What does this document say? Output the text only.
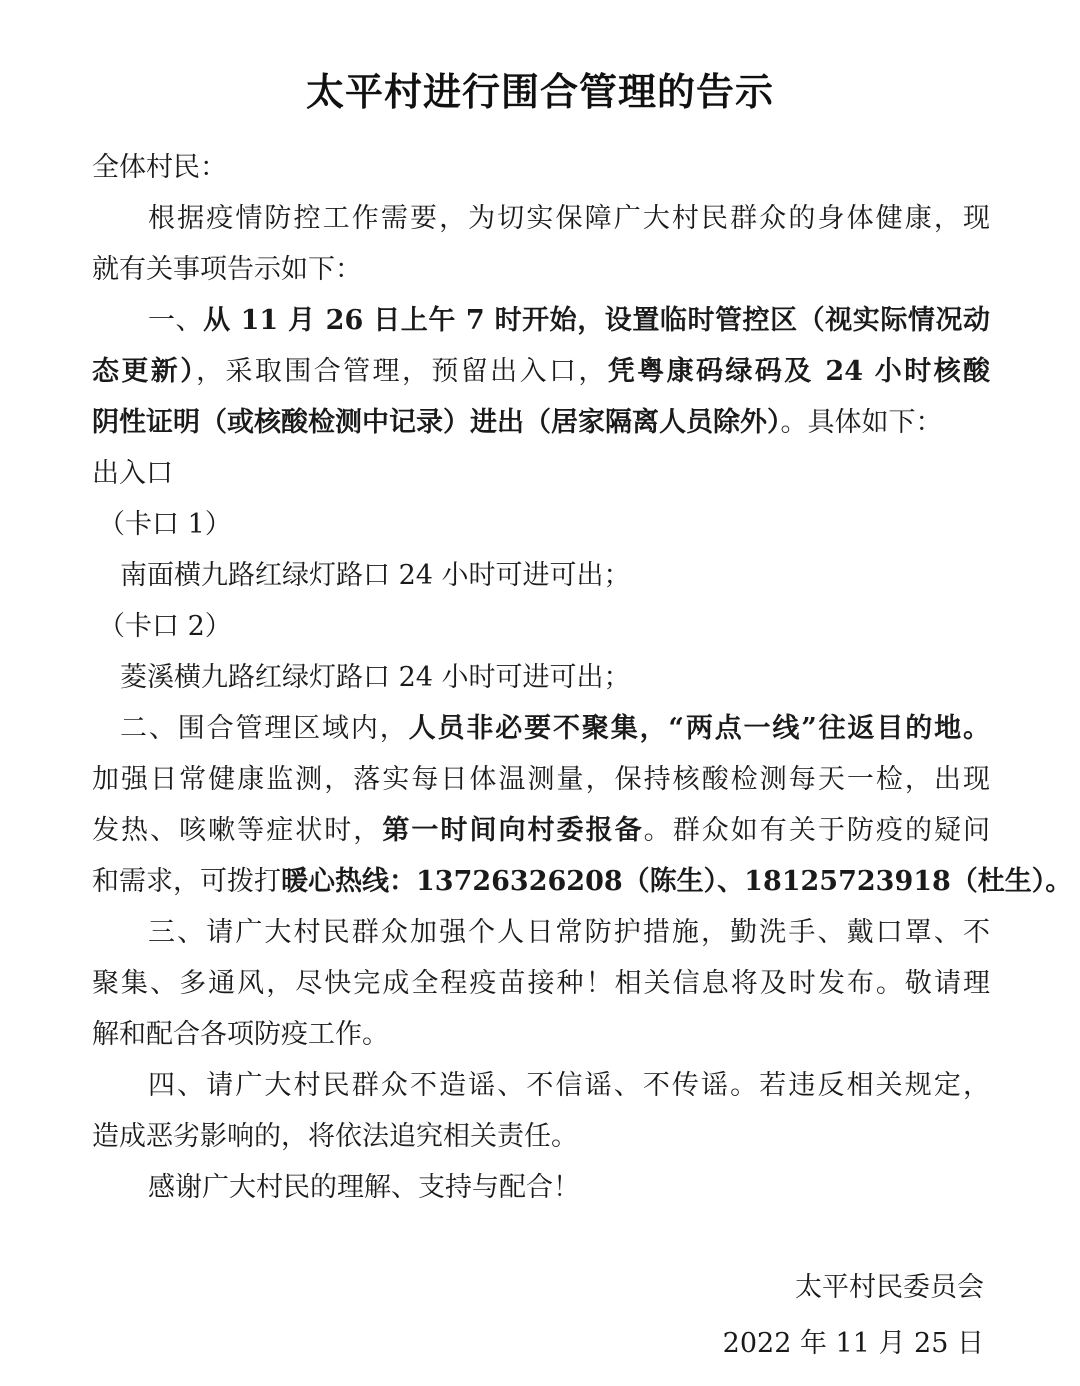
太平村进行围合管理的告示
全体村民：
根据疫情防控工作需要，为切实保障广大村民群众的身体健康，现
就有关事项告示如下：
一、从 11 月 26 日上午 7 时开始，设置临时管控区（视实际情况动
态更新），采取围合管理，预留出入口，凭粤康码绿码及 24 小时核酸
阴性证明（或核酸检测中记录）进出（居家隔离人员除外）。具体如下：
出入口
（卡口 1）
南面横九路红绿灯路口 24 小时可进可出；
（卡口 2）
菱溪横九路红绿灯路口 24 小时可进可出；
二、围合管理区域内，人员非必要不聚集，“两点一线”往返目的地。
加强日常健康监测，落实每日体温测量，保持核酸检测每天一检，出现
发热、咳嗽等症状时，第一时间向村委报备。群众如有关于防疫的疑问
和需求，可拨打暖心热线：13726326208（陈生）、18125723918（杜生）。
三、请广大村民群众加强个人日常防护措施，勤洗手、戴口罩、不
聚集、多通风，尽快完成全程疫苗接种！相关信息将及时发布。敬请理
解和配合各项防疫工作。
四、请广大村民群众不造谣、不信谣、不传谣。若违反相关规定，
造成恶劣影响的，将依法追究相关责任。
感谢广大村民的理解、支持与配合！
太平村民委员会
2022 年 11 月 25 日
